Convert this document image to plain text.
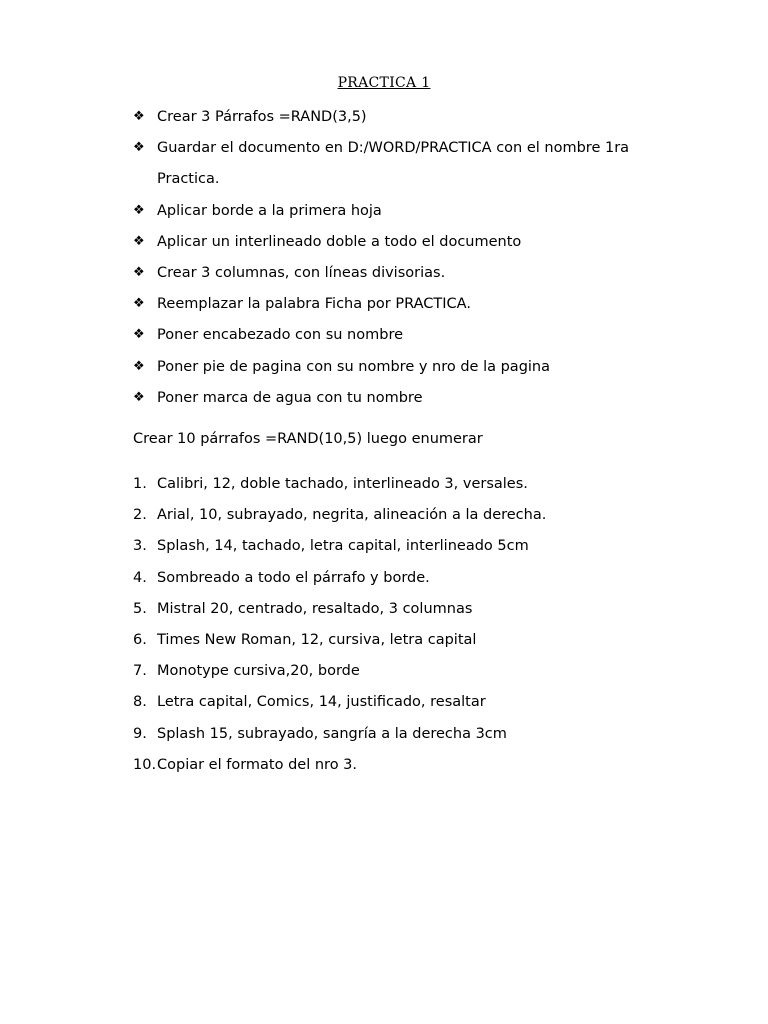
PRACTICA 1
❖ Crear 3 Párrafos =RAND(3,5)
❖ Guardar el documento en D:/WORD/PRACTICA con el nombre 1ra
Practica.
❖ Aplicar borde a la primera hoja
❖ Aplicar un interlineado doble a todo el documento
❖ Crear 3 columnas, con líneas divisorias.
❖ Reemplazar la palabra Ficha por PRACTICA.
❖ Poner encabezado con su nombre
❖ Poner pie de pagina con su nombre y nro de la pagina
❖ Poner marca de agua con tu nombre
Crear 10 párrafos =RAND(10,5) luego enumerar
1. Calibri, 12, doble tachado, interlineado 3, versales.
2. Arial, 10, subrayado, negrita, alineación a la derecha.
3. Splash, 14, tachado, letra capital, interlineado 5cm
4. Sombreado a todo el párrafo y borde.
5. Mistral 20, centrado, resaltado, 3 columnas
6. Times New Roman, 12, cursiva, letra capital
7. Monotype cursiva,20, borde
8. Letra capital, Comics, 14, justificado, resaltar
9. Splash 15, subrayado, sangría a la derecha 3cm
10. Copiar el formato del nro 3.
